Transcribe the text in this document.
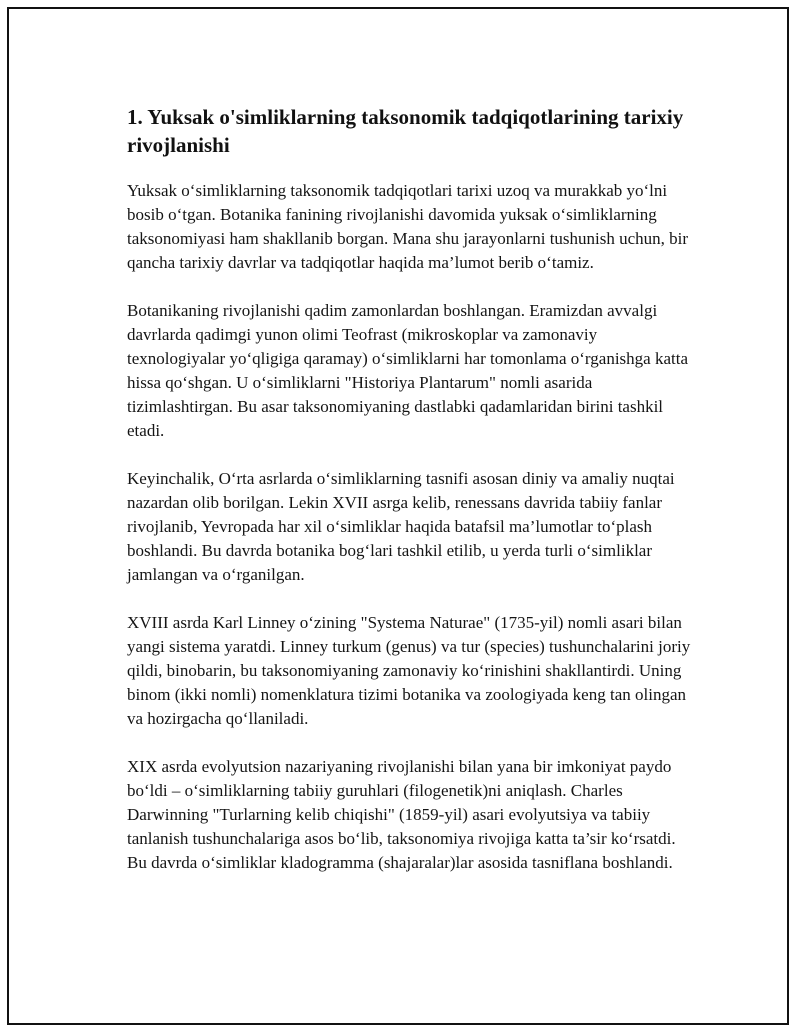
1. Yuksak o'simliklarning taksonomik tadqiqotlarining tarixiy rivojlanishi

Yuksak o‘simliklarning taksonomik tadqiqotlari tarixi uzoq va murakkab yo‘lni bosib o‘tgan. Botanika fanining rivojlanishi davomida yuksak o‘simliklarning taksonomiyasi ham shakllanib borgan. Mana shu jarayonlarni tushunish uchun, bir qancha tarixiy davrlar va tadqiqotlar haqida ma’lumot berib o‘tamiz.

Botanikaning rivojlanishi qadim zamonlardan boshlangan. Eramizdan avvalgi davrlarda qadimgi yunon olimi Teofrast (mikroskoplar va zamonaviy texnologiyalar yo‘qligiga qaramay) o‘simliklarni har tomonlama o‘rganishga katta hissa qo‘shgan. U o‘simliklarni "Historiya Plantarum" nomli asarida tizimlashtirgan. Bu asar taksonomiyaning dastlabki qadamlaridan birini tashkil etadi.

Keyinchalik, O‘rta asrlarda o‘simliklarning tasnifi asosan diniy va amaliy nuqtai nazardan olib borilgan. Lekin XVII asrga kelib, renessans davrida tabiiy fanlar rivojlanib, Yevropada har xil o‘simliklar haqida batafsil ma’lumotlar to‘plash boshlandi. Bu davrda botanika bog‘lari tashkil etilib, u yerda turli o‘simliklar jamlangan va o‘rganilgan.

XVIII asrda Karl Linney o‘zining "Systema Naturae" (1735-yil) nomli asari bilan yangi sistema yaratdi. Linney turkum (genus) va tur (species) tushunchalarini joriy qildi, binobarin, bu taksonomiyaning zamonaviy ko‘rinishini shakllantirdi. Uning binom (ikki nomli) nomenklatura tizimi botanika va zoologiyada keng tan olingan va hozirgacha qo‘llaniladi.

XIX asrda evolyutsion nazariyaning rivojlanishi bilan yana bir imkoniyat paydo bo‘ldi – o‘simliklarning tabiiy guruhlari (filogenetik)ni aniqlash. Charles Darwinning "Turlarning kelib chiqishi" (1859-yil) asari evolyutsiya va tabiiy tanlanish tushunchalariga asos bo‘lib, taksonomiya rivojiga katta ta’sir ko‘rsatdi. Bu davrda o‘simliklar kladogramma (shajaralar)lar asosida tasniflana boshlandi.
